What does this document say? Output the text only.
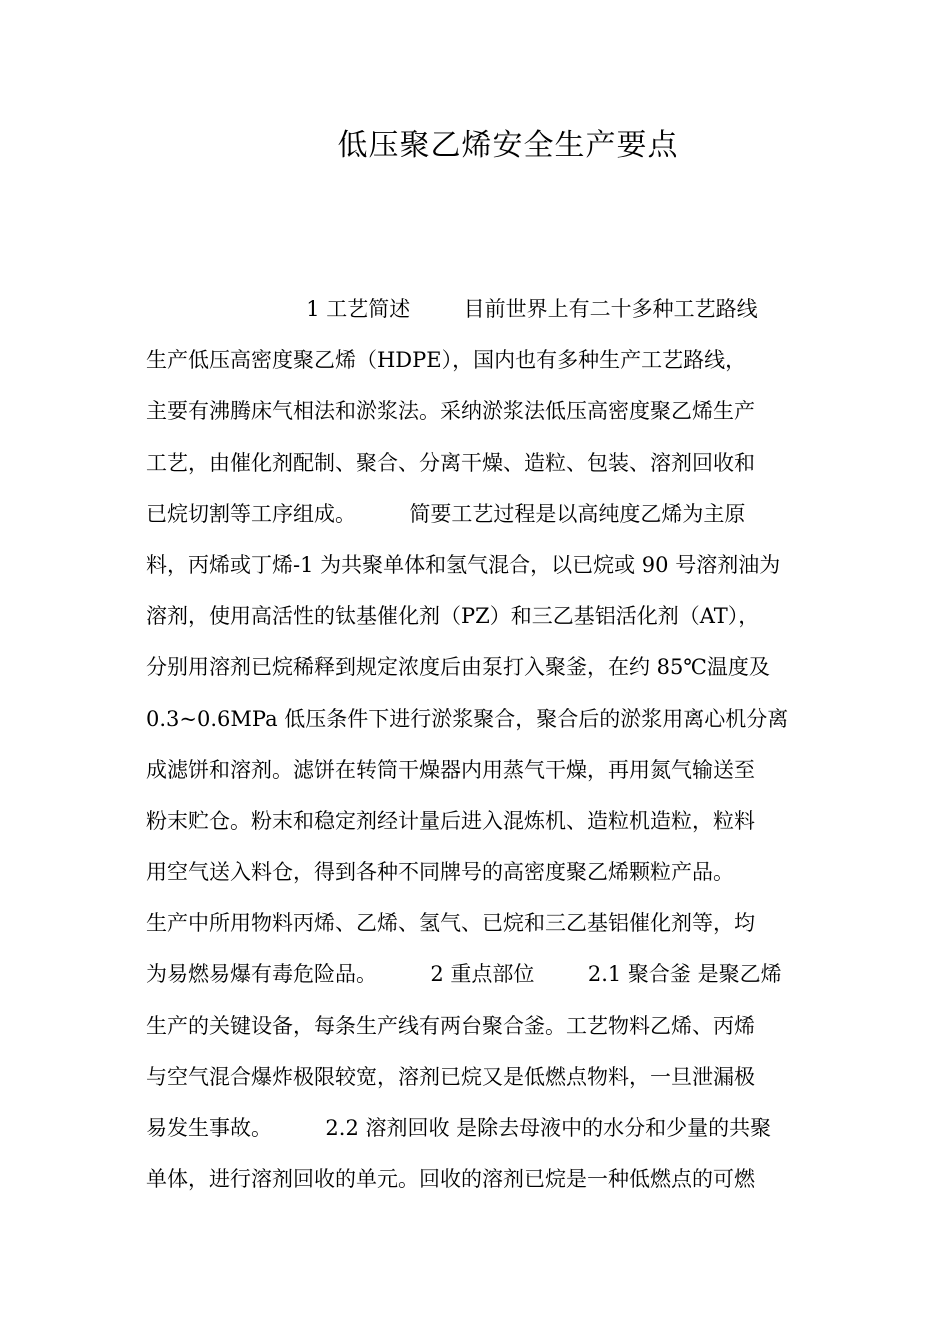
低压聚乙烯安全生产要点
1 工艺简述        目前世界上有二十多种工艺路线
生产低压高密度聚乙烯（HDPE），国内也有多种生产工艺路线，
主要有沸腾床气相法和淤浆法。采纳淤浆法低压高密度聚乙烯生产
工艺，由催化剂配制、聚合、分离干燥、造粒、包装、溶剂回收和
已烷切割等工序组成。        简要工艺过程是以高纯度乙烯为主原
料，丙烯或丁烯-1 为共聚单体和氢气混合，以已烷或 90 号溶剂油为
溶剂，使用高活性的钛基催化剂（PZ）和三乙基铝活化剂（AT），
分别用溶剂已烷稀释到规定浓度后由泵打入聚釜，在约 85℃温度及
0.3~0.6MPa 低压条件下进行淤浆聚合，聚合后的淤浆用离心机分离
成滤饼和溶剂。滤饼在转筒干燥器内用蒸气干燥，再用氮气输送至
粉末贮仓。粉末和稳定剂经计量后进入混炼机、造粒机造粒，粒料
用空气送入料仓，得到各种不同牌号的高密度聚乙烯颗粒产品。
生产中所用物料丙烯、乙烯、氢气、已烷和三乙基铝催化剂等，均
为易燃易爆有毒危险品。        2 重点部位        2.1 聚合釜 是聚乙烯
生产的关键设备，每条生产线有两台聚合釜。工艺物料乙烯、丙烯
与空气混合爆炸极限较宽，溶剂已烷又是低燃点物料，一旦泄漏极
易发生事故。        2.2 溶剂回收 是除去母液中的水分和少量的共聚
单体，进行溶剂回收的单元。回收的溶剂已烷是一种低燃点的可燃
